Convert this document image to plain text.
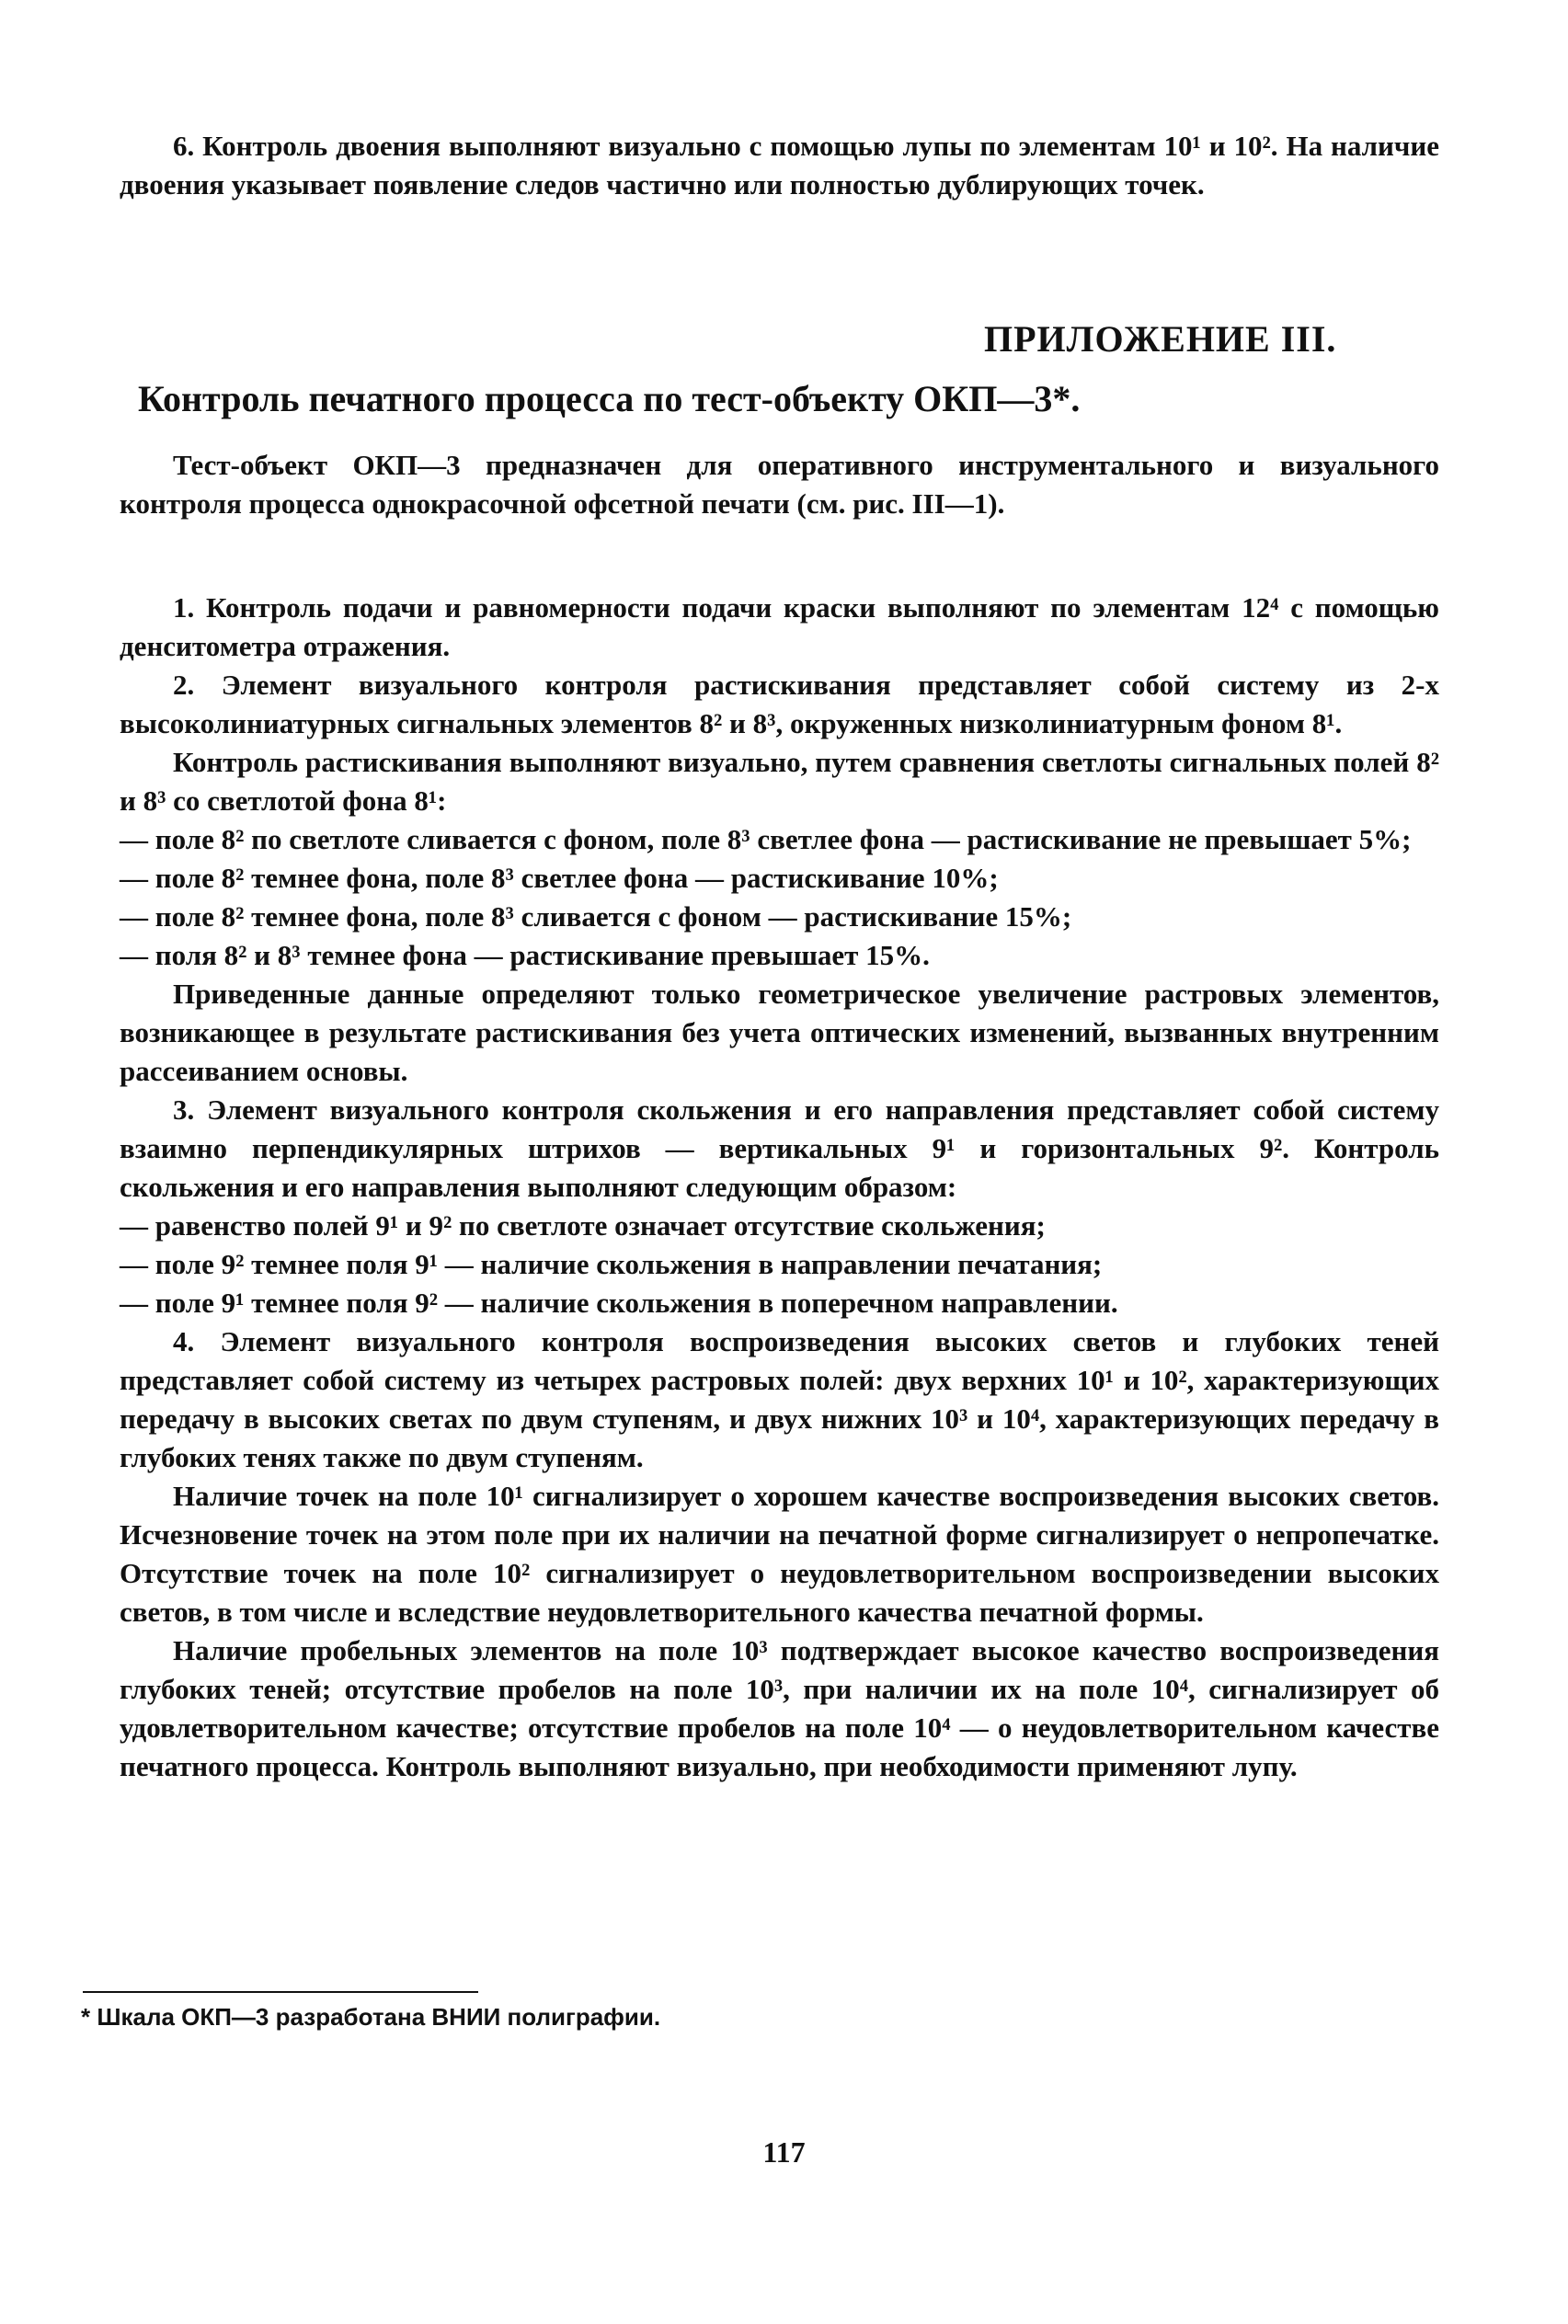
6. Контроль двоения выполняют визуально с помощью лупы по элементам 10¹ и 10². На наличие двоения указывает появление следов частично или полностью дублирующих точек.

ПРИЛОЖЕНИЕ III.
Контроль печатного процесса по тест-объекту ОКП—3*.

Тест-объект ОКП—3 предназначен для оперативного инструментального и визуального контроля процесса однокрасочной офсетной печати (см. рис. III—1).

1. Контроль подачи и равномерности подачи краски выполняют по элементам 12⁴ с помощью денситометра отражения.

2. Элемент визуального контроля растискивания представляет собой систему из 2-х высоколиниатурных сигнальных элементов 8² и 8³, окруженных низколиниатурным фоном 8¹.

Контроль растискивания выполняют визуально, путем сравнения светлоты сигнальных полей 8² и 8³ со светлотой фона 8¹:

— поле 8² по светлоте сливается с фоном, поле 8³ светлее фона — растискивание не превышает 5%;

— поле 8² темнее фона, поле 8³ светлее фона — растискивание 10%;

— поле 8² темнее фона, поле 8³ сливается с фоном — растискивание 15%;

— поля 8² и 8³ темнее фона — растискивание превышает 15%.

Приведенные данные определяют только геометрическое увеличение растровых элементов, возникающее в результате растискивания без учета оптических изменений, вызванных внутренним рассеиванием основы.

3. Элемент визуального контроля скольжения и его направления представляет собой систему взаимно перпендикулярных штрихов — вертикальных 9¹ и горизонтальных 9². Контроль скольжения и его направления выполняют следующим образом:

— равенство полей 9¹ и 9² по светлоте означает отсутствие скольжения;

— поле 9² темнее поля 9¹ — наличие скольжения в направлении печатания;

— поле 9¹ темнее поля 9² — наличие скольжения в поперечном направлении.

4. Элемент визуального контроля воспроизведения высоких светов и глубоких теней представляет собой систему из четырех растровых полей: двух верхних 10¹ и 10², характеризующих передачу в высоких светах по двум ступеням, и двух нижних 10³ и 10⁴, характеризующих передачу в глубоких тенях также по двум ступеням.

Наличие точек на поле 10¹ сигнализирует о хорошем качестве воспроизведения высоких светов. Исчезновение точек на этом поле при их наличии на печатной форме сигнализирует о непропечатке. Отсутствие точек на поле 10² сигнализирует о неудовлетворительном воспроизведении высоких светов, в том числе и вследствие неудовлетворительного качества печатной формы.

Наличие пробельных элементов на поле 10³ подтверждает высокое качество воспроизведения глубоких теней; отсутствие пробелов на поле 10³, при наличии их на поле 10⁴, сигнализирует об удовлетворительном качестве; отсутствие пробелов на поле 10⁴ — о неудовлетворительном качестве печатного процесса. Контроль выполняют визуально, при необходимости применяют лупу.

* Шкала ОКП—3 разработана ВНИИ полиграфии.
117
